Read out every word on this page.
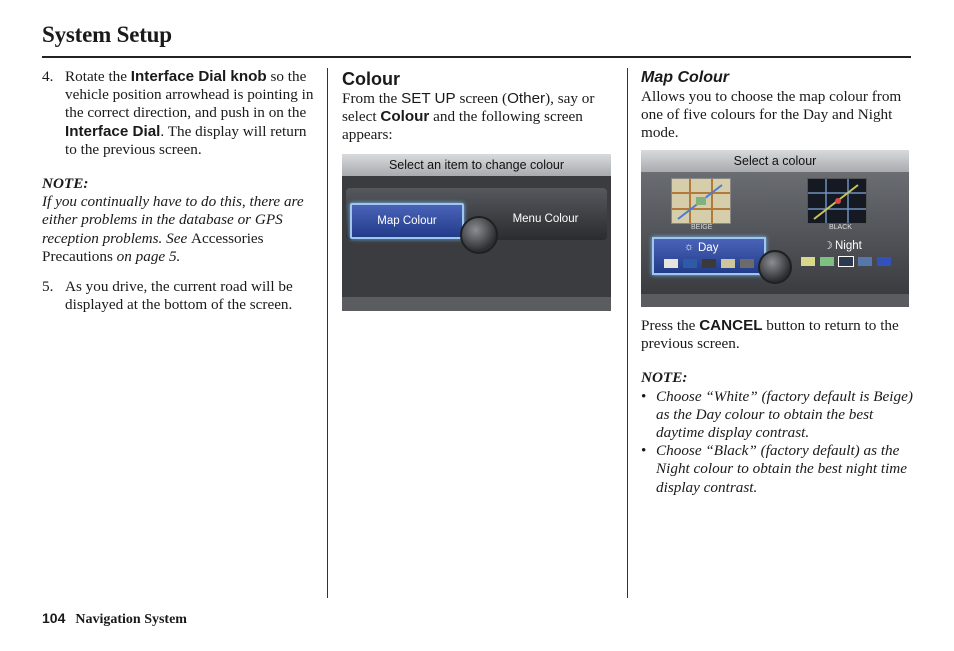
System Setup

4. Rotate the Interface Dial knob so the vehicle position arrowhead is pointing in the correct direction, and push in on the Interface Dial. The display will return to the previous screen.

NOTE:

If you continually have to do this, there are either problems in the database or GPS reception problems. See Accessories Precautions on page 5.

5. As you drive, the current road will be displayed at the bottom of the screen.

Colour

From the SET UP screen (Other), say or select Colour and the following screen appears:

Select an item to change colour
Map Colour	Menu Colour
Map Colour

Allows you to choose the map colour from one of five colours for the Day and Night mode.

Select a colour
BEIGE	BLACK
☼ Day	☽ Night

Press the CANCEL button to return to the previous screen.

NOTE:
• Choose “White” (factory default is Beige) as the Day colour to obtain the best daytime display contrast.
• Choose “Black” (factory default) as the Night colour to obtain the best night time display contrast.
104 Navigation System
